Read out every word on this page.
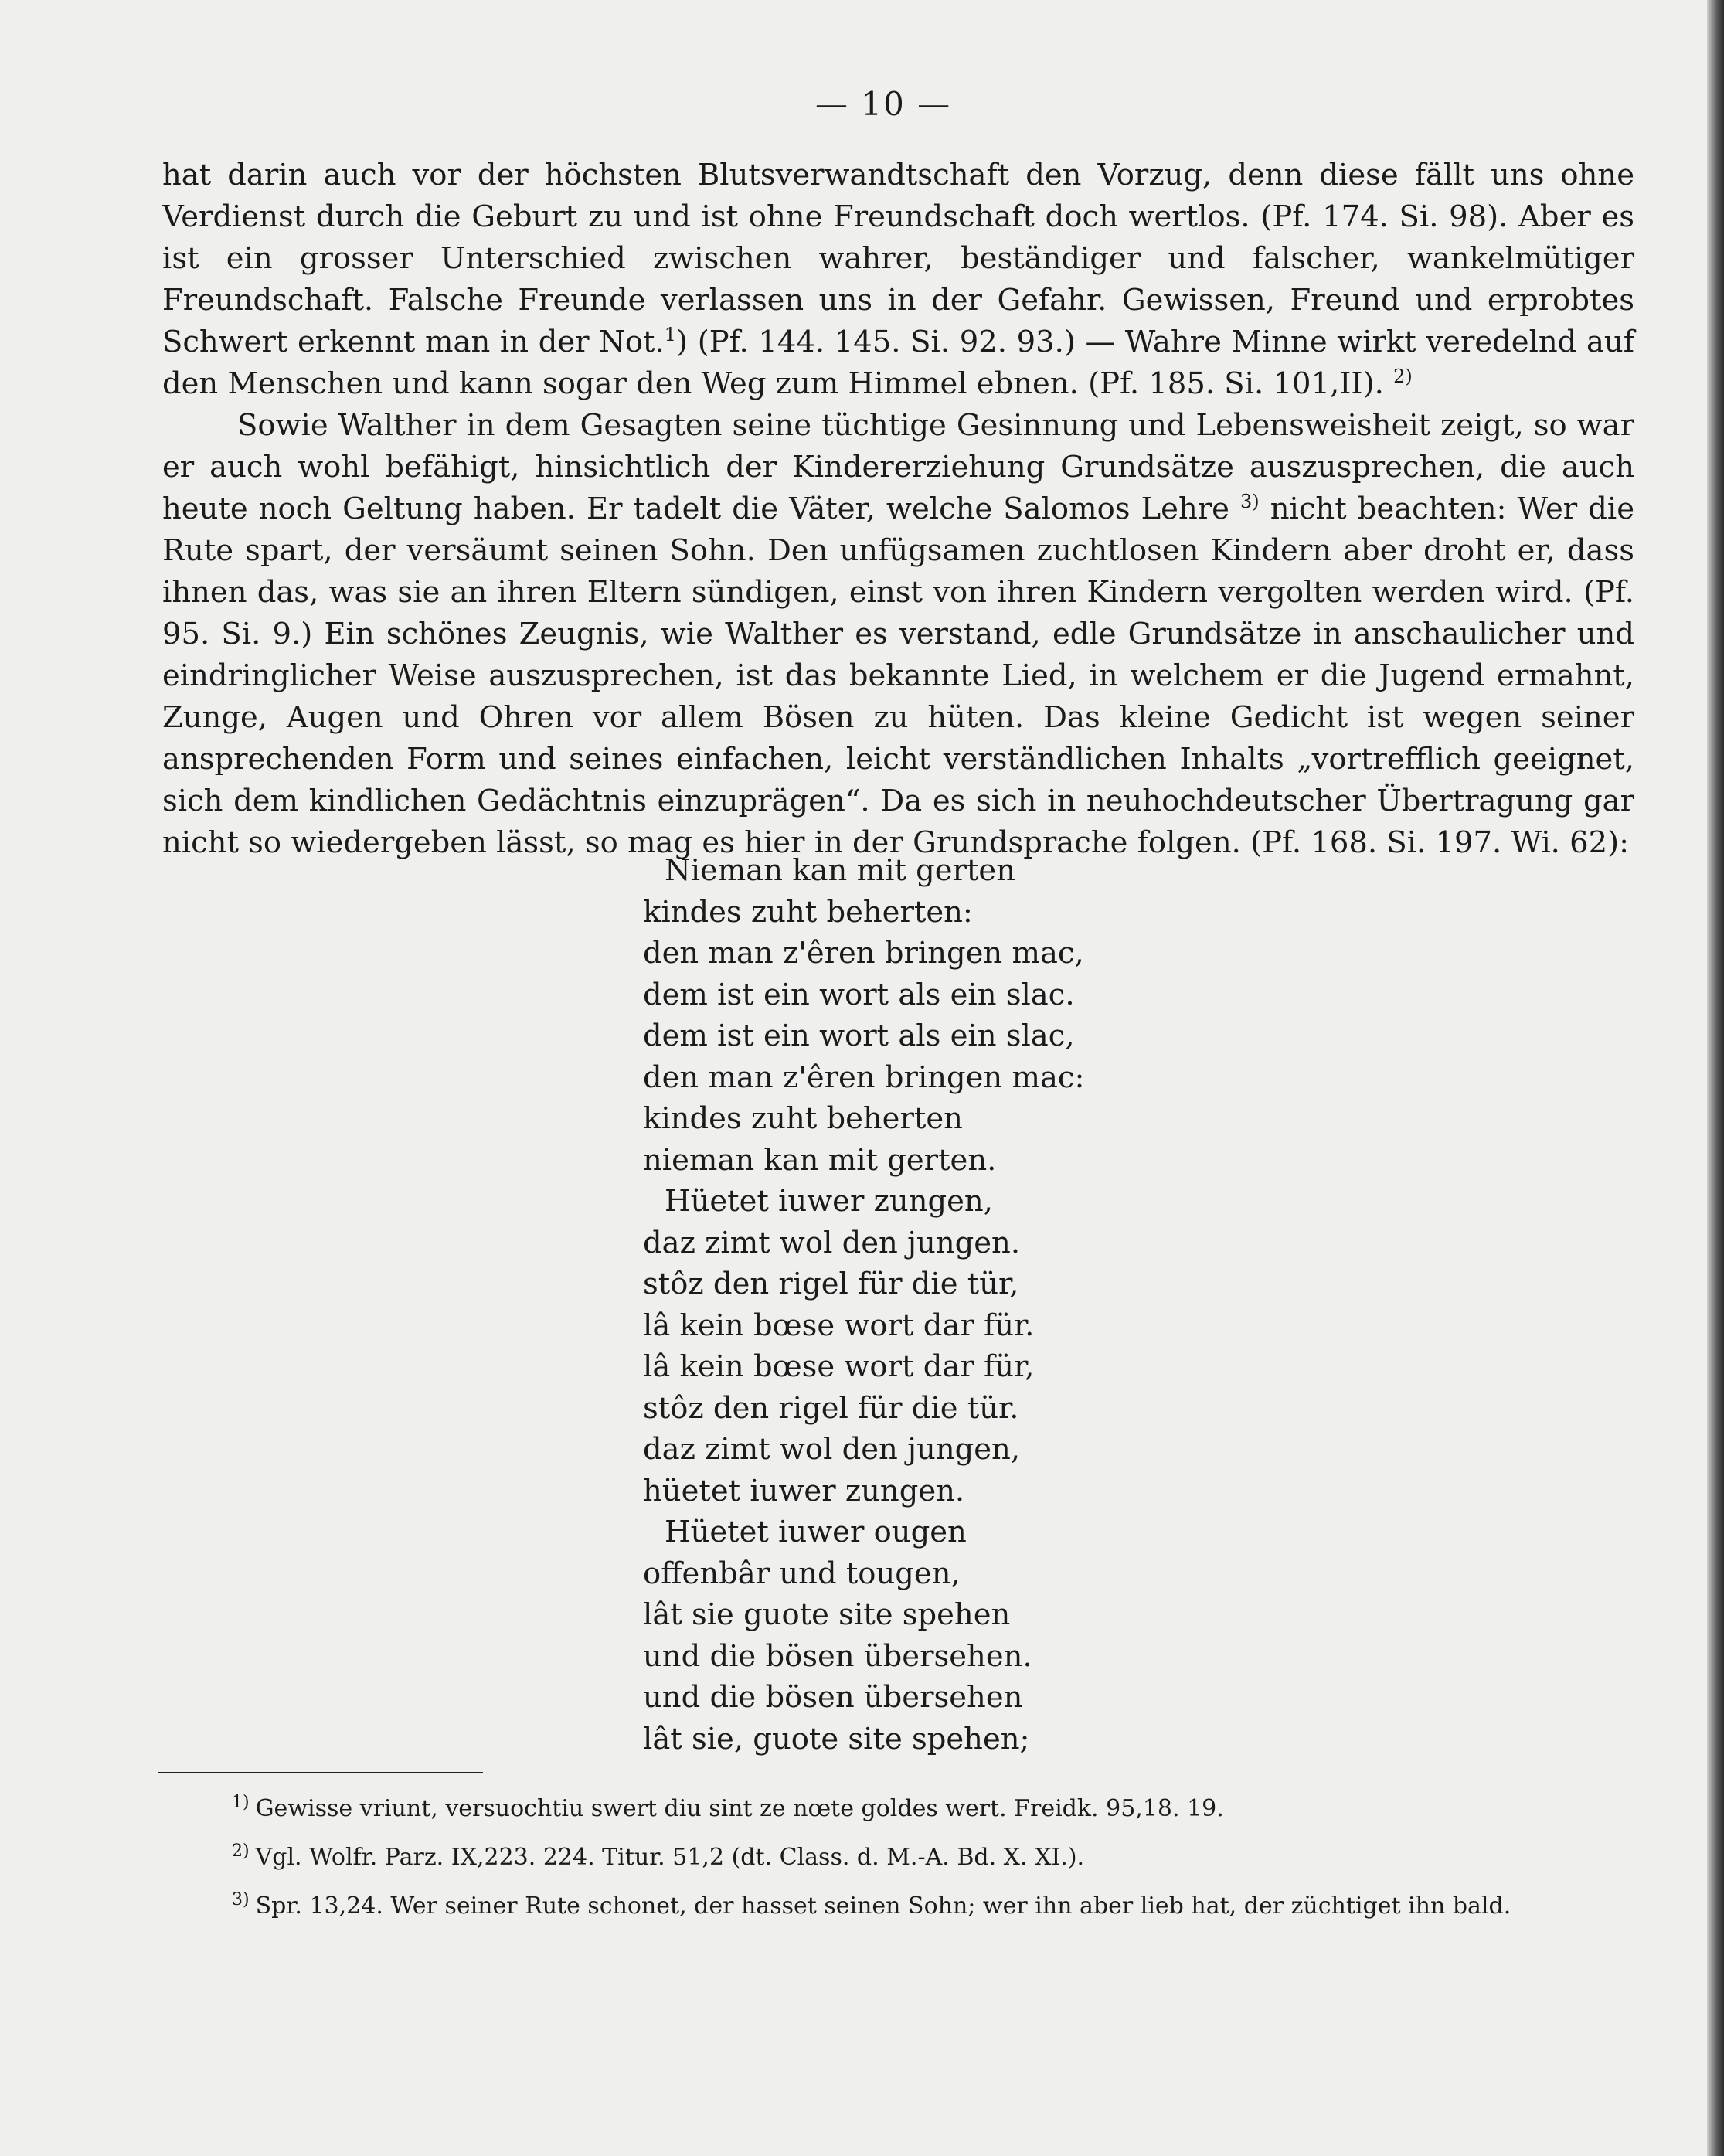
— 10 —

hat darin auch vor der höchsten Blutsverwandtschaft den Vorzug, denn diese fällt uns ohne Verdienst durch die Geburt zu und ist ohne Freundschaft doch wertlos. (Pf. 174. Si. 98). Aber es ist ein grosser Unterschied zwischen wahrer, beständiger und falscher, wankelmütiger Freundschaft. Falsche Freunde verlassen uns in der Gefahr. Gewissen, Freund und erprobtes Schwert erkennt man in der Not.$^1$) (Pf. 144. 145. Si. 92. 93.) — Wahre Minne wirkt veredelnd auf den Menschen und kann sogar den Weg zum Himmel ebnen. (Pf. 185. Si. 101,II). $^{2)}$

Sowie Walther in dem Gesagten seine tüchtige Gesinnung und Lebensweisheit zeigt, so war er auch wohl befähigt, hinsichtlich der Kindererziehung Grundsätze auszusprechen, die auch heute noch Geltung haben. Er tadelt die Väter, welche Salomos Lehre $^{3)}$ nicht beachten: Wer die Rute spart, der versäumt seinen Sohn. Den unfügsamen zuchtlosen Kindern aber droht er, dass ihnen das, was sie an ihren Eltern sündigen, einst von ihren Kindern vergolten werden wird. (Pf. 95. Si. 9.) Ein schönes Zeugnis, wie Walther es verstand, edle Grundsätze in anschaulicher und eindringlicher Weise auszusprechen, ist das bekannte Lied, in welchem er die Jugend ermahnt, Zunge, Augen und Ohren vor allem Bösen zu hüten. Das kleine Gedicht ist wegen seiner ansprechenden Form und seines einfachen, leicht verständlichen Inhalts „vortrefflich geeignet, sich dem kindlichen Gedächtnis einzuprägen“. Da es sich in neuhochdeutscher Übertragung gar nicht so wiedergeben lässt, so mag es hier in der Grundsprache folgen. (Pf. 168. Si. 197. Wi. 62):

Nieman kan mit gerten
kindes zuht beherten:
den man z'êren bringen mac,
dem ist ein wort als ein slac.
dem ist ein wort als ein slac,
den man z'êren bringen mac:
kindes zuht beherten
nieman kan mit gerten.
Hüetet iuwer zungen,
daz zimt wol den jungen.
stôz den rigel für die tür,
lâ kein bœse wort dar für.
lâ kein bœse wort dar für,
stôz den rigel für die tür.
daz zimt wol den jungen,
hüetet iuwer zungen.
Hüetet iuwer ougen
offenbâr und tougen,
lât sie guote site spehen
und die bösen übersehen.
und die bösen übersehen
lât sie, guote site spehen;
$^{1)}$ Gewisse vriunt, versuochtiu swert diu sint ze nœte goldes wert. Freidk. 95,18. 19.
$^{2)}$ Vgl. Wolfr. Parz. IX,223. 224. Titur. 51,2 (dt. Class. d. M.-A. Bd. X. XI.).
$^{3)}$ Spr. 13,24. Wer seiner Rute schonet, der hasset seinen Sohn; wer ihn aber lieb hat, der züchtiget ihn bald.
